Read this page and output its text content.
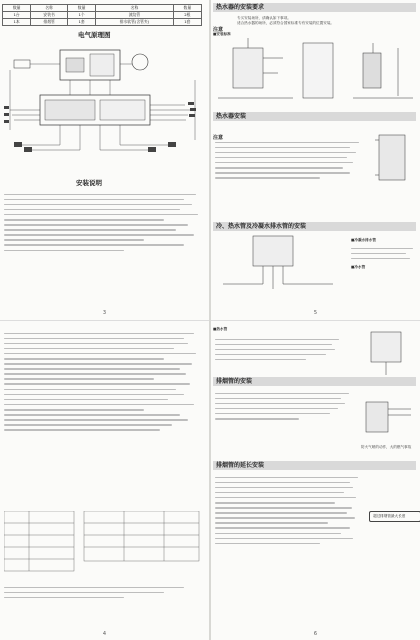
数量	名称	数量	名称	数量
1台	安装书	1个	波纹管	2根
1本	排烟管	1套	排水软管(含管夹)	1套
电气原理图
安装说明
3
4
热水器的安装要求
注意
专买安装场所，请确认如下事项。
适合热水器的场所，必须符合国家标准专有安装的位置安装。
■安装标准
热水器安装
注意
冷、热水管及冷凝水排水管的安装
■冷凝水排水管
■冷水管
5
■热水管
排烟管的安装
防火气喷的动作，大的燃气事故
排烟管的延长安装
超过排烟管最大长度
6
